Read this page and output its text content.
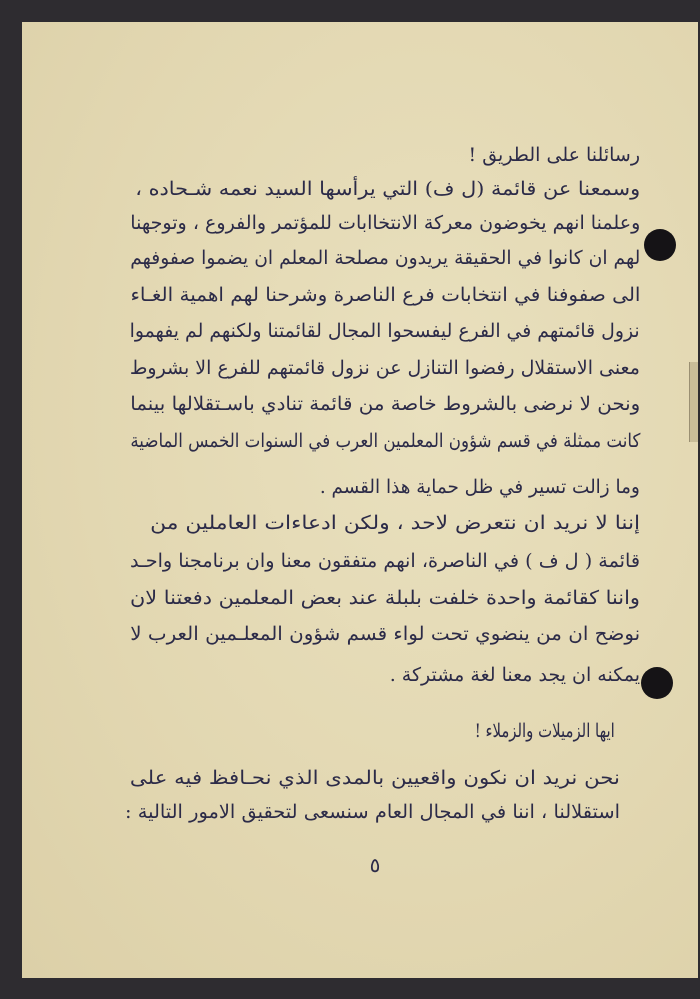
رسائلنا على الطريق !
وسمعنا عن قائمة (ل ف) التي يرأسها السيد نعمه شـحاده ،
وعلمنا انهم يخوضون معركة الانتخاابات للمؤتمر والفروع ، وتوجهنا
لهم ان كانوا في الحقيقة يريدون مصلحة المعلم ان يضموا صفوفهم
الى صفوفنا في انتخابات فرع الناصرة وشرحنا لهم اهمية الغـاء
نزول قائمتهم في الفرع ليفسحوا المجال لقائمتنا ولكنهم لم يفهموا
معنى الاستقلال رفضوا التنازل عن نزول قائمتهم للفرع الا بشروط
ونحن لا نرضى بالشروط خاصة من قائمة تنادي باسـتقلالها بينما
كانت ممثلة في قسم شؤون المعلمين العرب في السنوات الخمس الماضية
وما زالت تسير في ظل حماية هذا القسم .
إننا لا نريد ان نتعرض لاحد ، ولكن ادعاءات العاملين من
قائمة ( ل ف ) في الناصرة، انهم متفقون معنا وان برنامجنا واحـد
واننا كقائمة واحدة خلفت بلبلة عند بعض المعلمين دفعتنا لان
نوضح ان من ينضوي تحت لواء قسم شؤون المعلـمين العرب لا
يمكنه ان يجد معنا لغة مشتركة .
ايها الزميلات والزملاء !
نحن نريد ان نكون واقعيين بالمدى الذي نحـافظ فيه على
استقلالنا ، اننا في المجال العام سنسعى لتحقيق الامور التالية :
٥
